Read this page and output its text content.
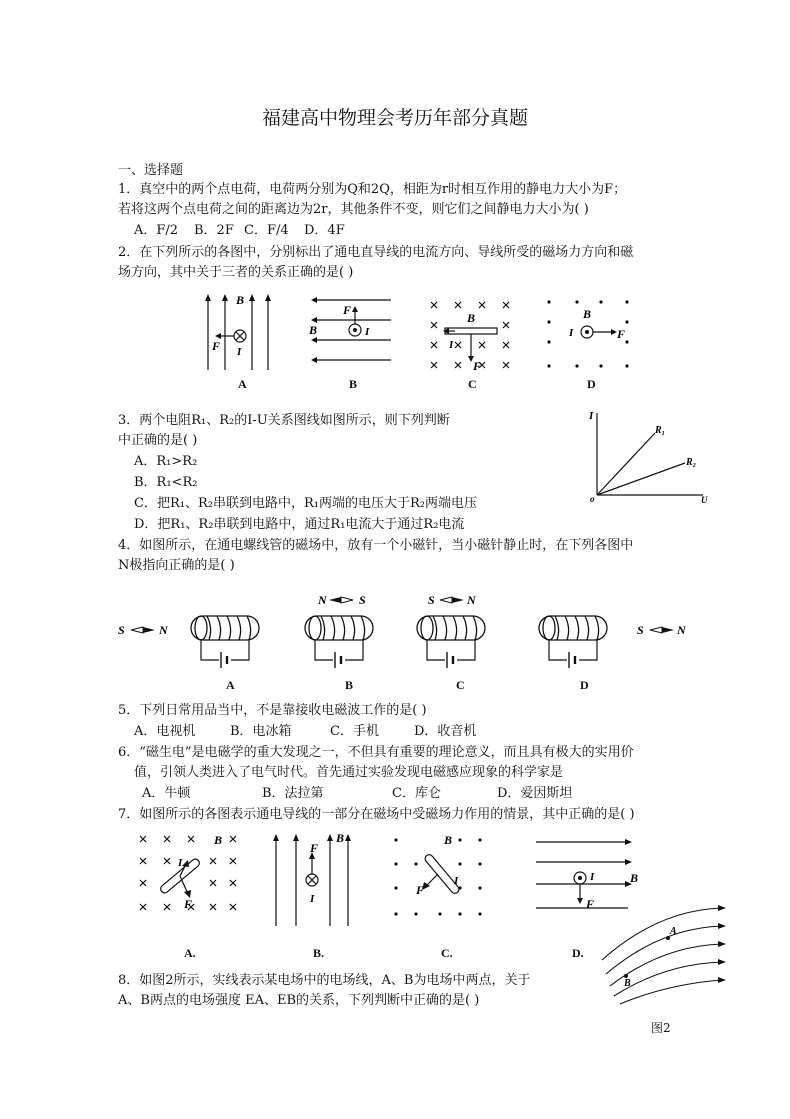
福建高中物理会考历年部分真题
一、选择题
1．真空中的两个点电荷，电荷两分别为Q和2Q，相距为r时相互作用的静电力大小为F；
若将这两个点电荷之间的距离边为2r，其他条件不变，则它们之间静电力大小为( )
A．F/2 B．2F C．F/4 D．4F
2．在下列所示的各图中，分别标出了通电直导线的电流方向、导线所受的磁场力方向和磁
场方向，其中关于三者的关系正确的是( )
B
F I
A
F
B	I
B
B
I
F
C
B
I	F
D
3．两个电阻R₁、R₂的I-U关系图线如图所示，则下列判断
中正确的是( )
A．R₁>R₂
B．R₁<R₂
C．把R₁、R₂串联到电路中，R₁两端的电压大于R₂两端电压
D．把R₁、R₂串联到电路中，通过R₁电流大于通过R₂电流
I
U
o
R₁
R₂
4．如图所示，在通电螺线管的磁场中，放有一个小磁针，当小磁针静止时，在下列各图中
N极指向正确的是( )
S	N
N	S	S	N
S	N
A	B	C	D
5．下列日常用品当中，不是靠接收电磁波工作的是( )
A．电视机	B．电冰箱	C．手机	D．收音机
6．“磁生电”是电磁学的重大发现之一，不但具有重要的理论意义，而且具有极大的实用价
值，引领人类进入了电气时代。首先通过实验发现电磁感应现象的科学家是
A．牛顿	B．法拉第	C．库仑	D．爱因斯坦
7．如图所示的各图表示通电导线的一部分在磁场中受磁场力作用的情景，其中正确的是( )
B
I
F
A.
F
B
I
B.
B
F
I
C.
I	B
F
D.
8．如图2所示，实线表示某电场中的电场线，A、B为电场中两点，关于
A、B两点的电场强度 EA、EB的关系，下列判断中正确的是( )
A
B
图2
